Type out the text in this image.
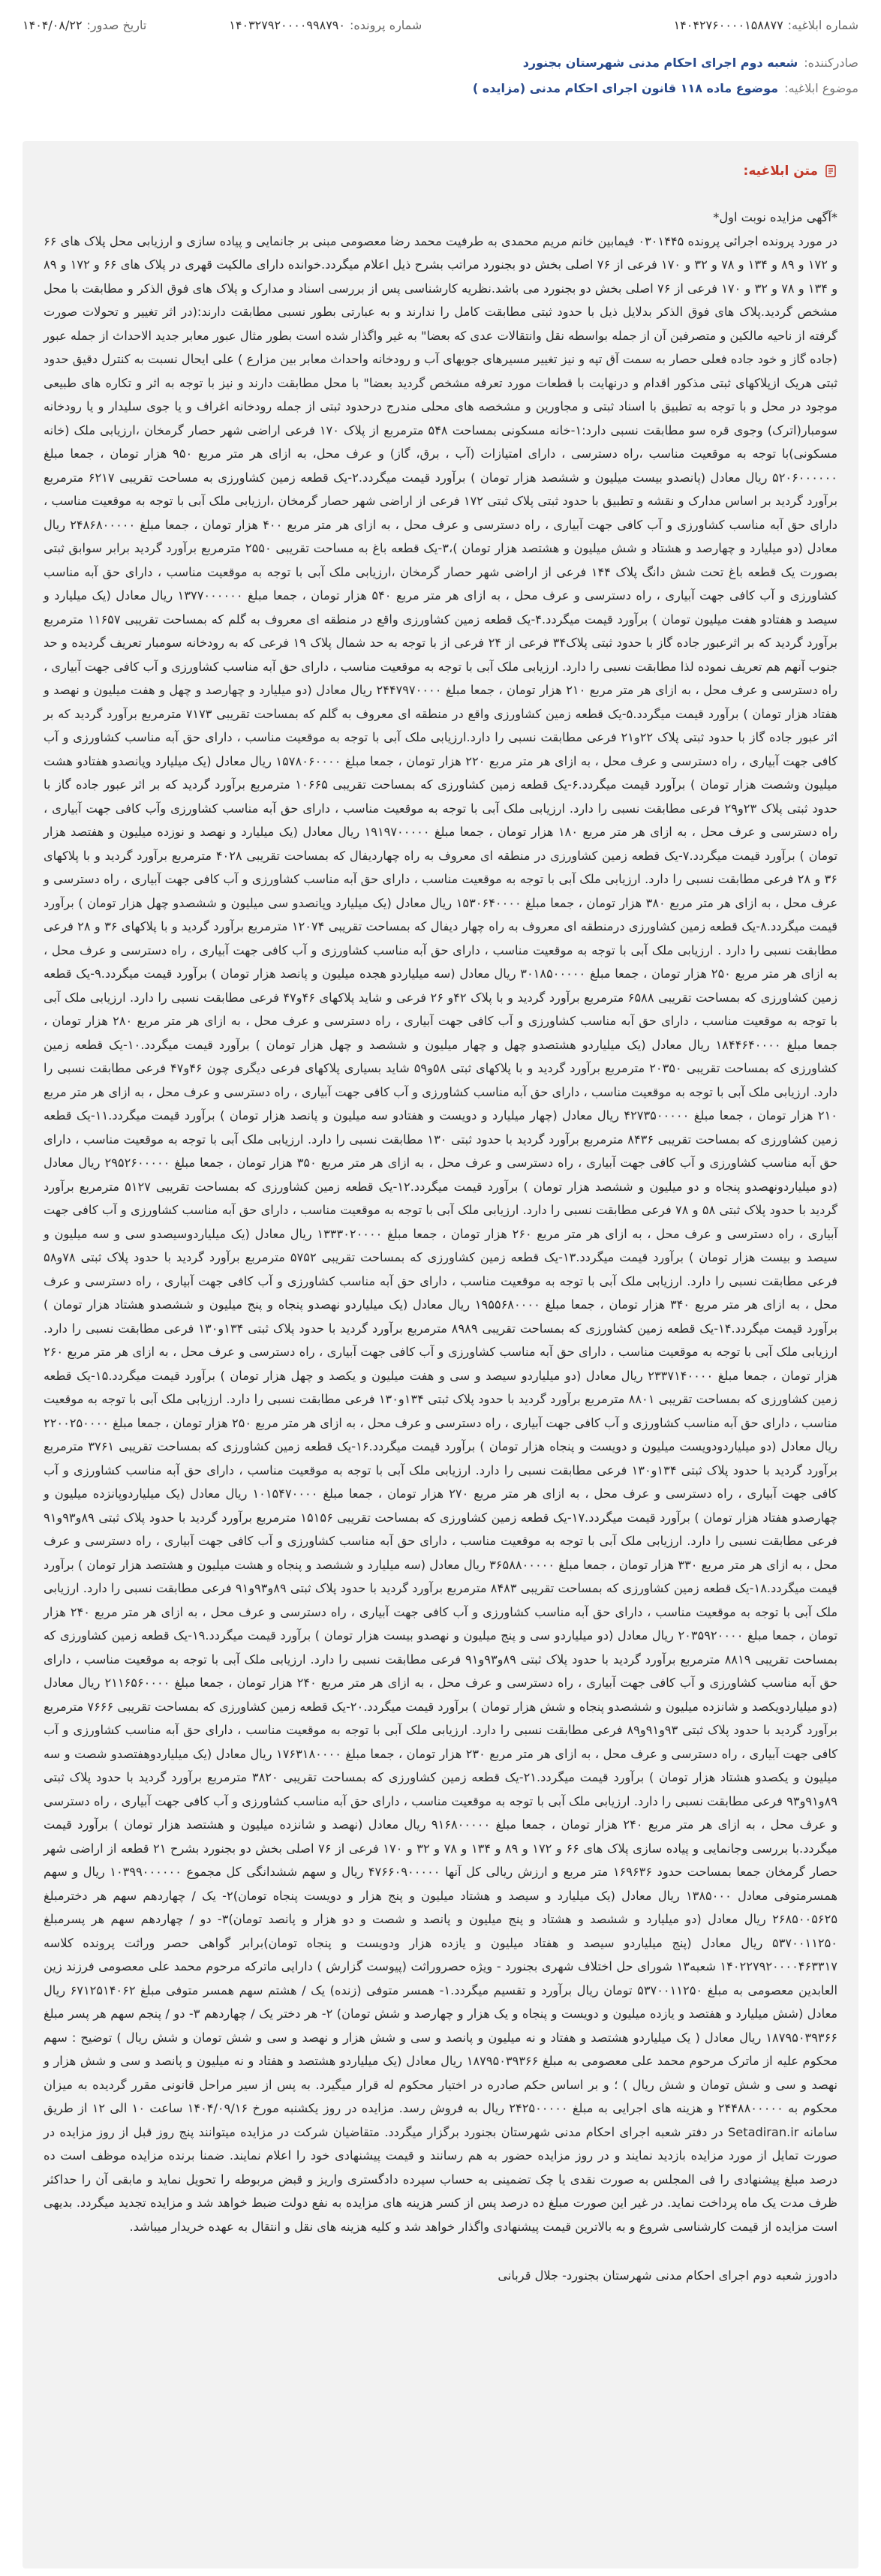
شماره ابلاغیه:
۱۴۰۴۲۷۶۰۰۰۰۱۵۸۸۷۷
شماره پرونده:
۱۴۰۳۲۷۹۲۰۰۰۰۹۹۸۷۹۰
تاریخ صدور:
۱۴۰۴/۰۸/۲۲
صادرکننده:
شعبه دوم اجرای احکام مدنی شهرستان بجنورد
موضوع ابلاغیه:
موضوع ماده ۱۱۸ قانون اجرای احکام مدنی (مزایده )
متن ابلاغیه:
*آگهی مزایده نوبت اول*
در مورد پرونده اجرائی پرونده ۰۳۰۱۴۴۵ فیمابین خانم مریم محمدی به طرفیت محمد رضا معصومی مبنی بر جانمایی و پیاده سازی و ارزیابی محل پلاک های ۶۶ و ۱۷۲ و ۸۹ و ۱۳۴ و ۷۸ و ۳۲ و ۱۷۰ فرعی از ۷۶ اصلی بخش دو بجنورد مراتب بشرح ذیل اعلام میگردد.خوانده دارای مالکیت قهری در پلاک های ۶۶ و ۱۷۲ و ۸۹ و ۱۳۴ و ۷۸ و ۳۲ و ۱۷۰ فرعی از ۷۶ اصلی بخش دو بجنورد می باشد.نظریه کارشناسی پس از بررسی اسناد و مدارک و پلاک های فوق الذکر و مطابقت با محل مشخص گردید.پلاک های فوق الذکر بدلایل ذیل با حدود ثبتی مطابقت کامل را ندارند و به عبارتی بطور نسبی مطابقت دارند:(در اثر تغییر و تحولات صورت گرفته از ناحیه مالکین و متصرفین آن از جمله بواسطه نقل وانتقالات عدی که بعضا" به غیر واگذار شده است بطور مثال عبور معابر جدید الاحداث از جمله عبور (جاده گاز و خود جاده فعلی حصار به سمت آق تپه و نیز تغییر مسیرهای جویهای آب و رودخانه واحداث معابر بین مزارع ) علی ایحال نسبت به کنترل دقیق حدود ثبتی هریک ازپلاکهای ثبتی مذکور اقدام و درنهایت با قطعات مورد تعرفه مشخص گردید بعضا" با محل مطابقت دارند و نیز با توجه به اثر و تکاره های طبیعی موجود در محل و با توجه به تطبیق با اسناد ثبتی و مجاورین و مشخصه های محلی مندرج درحدود ثبتی از جمله رودخانه اغراف و یا جوی سلیدار و یا رودخانه سومبار(اترک) وجوی قره سو مطابقت نسبی دارد:۱-خانه مسکونی بمساحت ۵۴۸ مترمربع از پلاک ۱۷۰ فرعی اراضی شهر حصار گرمخان ،ارزیابی ملک (خانه مسکونی)با توجه به موقعیت مناسب ،راه دسترسی ، دارای امتیازات (آب ، برق، گاز) و عرف محل، به ازای هر متر مربع ۹۵۰ هزار تومان ، جمعا مبلغ ۵۲۰۶۰۰۰۰۰۰ ریال معادل (پانصدو بیست میلیون و ششصد هزار تومان ) برآورد قیمت میگردد.۲-یک قطعه زمین کشاورزی به مساحت تقریبی ۶۲۱۷ مترمربع برآورد گردید بر اساس مدارک و نقشه و تطبیق با حدود ثبتی پلاک ثبتی ۱۷۲ فرعی از اراضی شهر حصار گرمخان ،ارزیابی ملک آبی با توجه به موقعیت مناسب ، دارای حق آبه مناسب کشاورزی و آب کافی جهت آبیاری ، راه دسترسی و عرف محل ، به ازای هر متر مربع ۴۰۰ هزار تومان ، جمعا مبلغ ۲۴۸۶۸۰۰۰۰۰ ریال معادل (دو میلیارد و چهارصد و هشتاد و شش میلیون و هشتصد هزار تومان )،۳-یک قطعه باغ به مساحت تقریبی ۲۵۵۰ مترمربع برآورد گردید برابر سوابق ثبتی بصورت یک قطعه باغ تحت شش دانگ پلاک ۱۴۴ فرعی از اراضی شهر حصار گرمخان ،ارزیابی ملک آبی با توجه به موقعیت مناسب ، دارای حق آبه مناسب کشاورزی و آب کافی جهت آبیاری ، راه دسترسی و عرف محل ، به ازای هر متر مربع ۵۴۰ هزار تومان ، جمعا مبلغ ۱۳۷۷۰۰۰۰۰۰ ریال معادل (یک میلیارد و سیصد و هفتادو هفت میلیون تومان ) برآورد قیمت میگردد.۴-یک قطعه زمین کشاورزی واقع در منطقه ای معروف به گلم که بمساحت تقریبی ۱۱۶۵۷ مترمربع برآورد گردید که بر اثرعبور جاده گاز با حدود ثبتی پلاک۳۴ فرعی از ۲۴ فرعی از با توجه به حد شمال پلاک ۱۹ فرعی که به رودخانه سومبار تعریف گردیده و حد جنوب آنهم هم تعریف نموده لذا مطابقت نسبی را دارد. ارزیابی ملک آبی با توجه به موقعیت مناسب ، دارای حق آبه مناسب کشاورزی و آب کافی جهت آبیاری ، راه دسترسی و عرف محل ، به ازای هر متر مربع ۲۱۰ هزار تومان ، جمعا مبلغ ۲۴۴۷۹۷۰۰۰۰ ریال معادل (دو میلیارد و چهارصد و چهل و هفت میلیون و نهصد و هفتاد هزار تومان ) برآورد قیمت میگردد.۵-یک قطعه زمین کشاورزی واقع در منطقه ای معروف به گلم که بمساحت تقریبی ۷۱۷۳ مترمربع برآورد گردید که بر اثر عبور جاده گاز با حدود ثبتی پلاک ۲۲و۲۱ فرعی مطابقت نسبی را دارد.ارزیابی ملک آبی با توجه به موقعیت مناسب ، دارای حق آبه مناسب کشاورزی و آب کافی جهت آبیاری ، راه دسترسی و عرف محل ، به ازای هر متر مربع ۲۲۰ هزار تومان ، جمعا مبلغ ۱۵۷۸۰۶۰۰۰۰ ریال معادل (یک میلیارد وپانصدو هفتادو هشت میلیون وشصت هزار تومان ) برآورد قیمت میگردد.۶-یک قطعه زمین کشاورزی که بمساحت تقریبی ۱۰۶۶۵ مترمربع برآورد گردید که بر اثر عبور جاده گاز با حدود ثبتی پلاک ۲۳و۲۹ فرعی مطابقت نسبی را دارد. ارزیابی ملک آبی با توجه به موقعیت مناسب ، دارای حق آبه مناسب کشاورزی وآب کافی جهت آبیاری ، راه دسترسی و عرف محل ، به ازای هر متر مربع ۱۸۰ هزار تومان ، جمعا مبلغ ۱۹۱۹۷۰۰۰۰۰ ریال معادل (یک میلیارد و نهصد و نوزده میلیون و هفتصد هزار تومان ) برآورد قیمت میگردد.۷-یک قطعه زمین کشاورزی در منطقه ای معروف به راه چهاردیفال که بمساحت تقریبی ۴۰۲۸ مترمربع برآورد گردید و با پلاکهای ۳۶ و ۲۸ فرعی مطابقت نسبی را دارد. ارزیابی ملک آبی با توجه به موقعیت مناسب ، دارای حق آبه مناسب کشاورزی و آب کافی جهت آبیاری ، راه دسترسی و عرف محل ، به ازای هر متر مربع ۳۸۰ هزار تومان ، جمعا مبلغ ۱۵۳۰۶۴۰۰۰۰ ریال معادل (یک میلیارد وپانصدو سی میلیون و ششصدو چهل هزار تومان ) برآورد قیمت میگردد.۸-یک قطعه زمین کشاورزی درمنطقه ای معروف به راه چهار دیفال که بمساحت تقریبی ۱۲۰۷۴ مترمربع برآورد گردید و با پلاکهای ۳۶ و ۲۸ فرعی مطابقت نسبی را دارد . ارزیابی ملک آبی با توجه به موقعیت مناسب ، دارای حق آبه مناسب کشاورزی و آب کافی جهت آبیاری ، راه دسترسی و عرف محل ، به ازای هر متر مربع ۲۵۰ هزار تومان ، جمعا مبلغ ۳۰۱۸۵۰۰۰۰۰ ریال معادل (سه میلیاردو هجده میلیون و پانصد هزار تومان ) برآورد قیمت میگردد.۹-یک قطعه زمین کشاورزی که بمساحت تقریبی ۶۵۸۸ مترمربع برآورد گردید و با پلاک ۴۲و ۲۶ فرعی و شاید پلاکهای ۴۶و۴۷ فرعی مطابقت نسبی را دارد. ارزیابی ملک آبی با توجه به موقعیت مناسب ، دارای حق آبه مناسب کشاورزی و آب کافی جهت آبیاری ، راه دسترسی و عرف محل ، به ازای هر متر مربع ۲۸۰ هزار تومان ، جمعا مبلغ ۱۸۴۴۶۴۰۰۰۰ ریال معادل (یک میلیاردو هشتصدو چهل و چهار میلیون و ششصد و چهل هزار تومان ) برآورد قیمت میگردد.۱۰-یک قطعه زمین کشاورزی که بمساحت تقریبی ۲۰۳۵۰ مترمربع برآورد گردید و با پلاکهای ثبتی ۵۸و۵۹ شاید بسیاری پلاکهای فرعی دیگری چون ۴۶و۴۷ فرعی مطابقت نسبی را دارد. ارزیابی ملک آبی با توجه به موقعیت مناسب ، دارای حق آبه مناسب کشاورزی و آب کافی جهت آبیاری ، راه دسترسی و عرف محل ، به ازای هر متر مربع ۲۱۰ هزار تومان ، جمعا مبلغ ۴۲۷۳۵۰۰۰۰۰ ریال معادل (چهار میلیارد و دویست و هفتادو سه میلیون و پانصد هزار تومان ) برآورد قیمت میگردد.۱۱-یک قطعه زمین کشاورزی که بمساحت تقریبی ۸۴۳۶ مترمربع برآورد گردید با حدود ثبتی ۱۳۰ مطابقت نسبی را دارد. ارزیابی ملک آبی با توجه به موقعیت مناسب ، دارای حق آبه مناسب کشاورزی و آب کافی جهت آبیاری ، راه دسترسی و عرف محل ، به ازای هر متر مربع ۳۵۰ هزار تومان ، جمعا مبلغ ۲۹۵۲۶۰۰۰۰۰ ریال معادل (دو میلیاردونهصدو پنجاه و دو میلیون و ششصد هزار تومان ) برآورد قیمت میگردد.۱۲-یک قطعه زمین کشاورزی که بمساحت تقریبی ۵۱۲۷ مترمربع برآورد گردید با حدود پلاک ثبتی ۵۸ و ۷۸ فرعی مطابقت نسبی را دارد. ارزیابی ملک آبی با توجه به موقعیت مناسب ، دارای حق آبه مناسب کشاورزی و آب کافی جهت آبیاری ، راه دسترسی و عرف محل ، به ازای هر متر مربع ۲۶۰ هزار تومان ، جمعا مبلغ ۱۳۳۳۰۲۰۰۰۰ ریال معادل (یک میلیاردوسیصدو سی و سه میلیون و سیصد و بیست هزار تومان ) برآورد قیمت میگردد.۱۳-یک قطعه زمین کشاورزی که بمساحت تقریبی ۵۷۵۲ مترمربع برآورد گردید با حدود پلاک ثبتی ۷۸و۵۸ فرعی مطابقت نسبی را دارد. ارزیابی ملک آبی با توجه به موقعیت مناسب ، دارای حق آبه مناسب کشاورزی و آب کافی جهت آبیاری ، راه دسترسی و عرف محل ، به ازای هر متر مربع ۳۴۰ هزار تومان ، جمعا مبلغ ۱۹۵۵۶۸۰۰۰۰ ریال معادل (یک میلیاردو نهصدو پنجاه و پنج میلیون و ششصدو هشتاد هزار تومان ) برآورد قیمت میگردد.۱۴-یک قطعه زمین کشاورزی که بمساحت تقریبی ۸۹۸۹ مترمربع برآورد گردید با حدود پلاک ثبتی ۱۳۴و۱۳۰ فرعی مطابقت نسبی را دارد. ارزیابی ملک آبی با توجه به موقعیت مناسب ، دارای حق آبه مناسب کشاورزی و آب کافی جهت آبیاری ، راه دسترسی و عرف محل ، به ازای هر متر مربع ۲۶۰ هزار تومان ، جمعا مبلغ ۲۳۳۷۱۴۰۰۰۰ ریال معادل (دو میلیاردو سیصد و سی و هفت میلیون و یکصد و چهل هزار تومان ) برآورد قیمت میگردد.۱۵-یک قطعه زمین کشاورزی که بمساحت تقریبی ۸۸۰۱ مترمربع برآورد گردید با حدود پلاک ثبتی ۱۳۴و۱۳۰ فرعی مطابقت نسبی را دارد. ارزیابی ملک آبی با توجه به موقعیت مناسب ، دارای حق آبه مناسب کشاورزی و آب کافی جهت آبیاری ، راه دسترسی و عرف محل ، به ازای هر متر مربع ۲۵۰ هزار تومان ، جمعا مبلغ ۲۲۰۰۲۵۰۰۰۰ ریال معادل (دو میلیاردودویست میلیون و دویست و پنجاه هزار تومان ) برآورد قیمت میگردد.۱۶-یک قطعه زمین کشاورزی که بمساحت تقریبی ۳۷۶۱ مترمربع برآورد گردید با حدود پلاک ثبتی ۱۳۴و۱۳۰ فرعی مطابقت نسبی را دارد. ارزیابی ملک آبی با توجه به موقعیت مناسب ، دارای حق آبه مناسب کشاورزی و آب کافی جهت آبیاری ، راه دسترسی و عرف محل ، به ازای هر متر مربع ۲۷۰ هزار تومان ، جمعا مبلغ ۱۰۱۵۴۷۰۰۰۰ ریال معادل (یک میلیاردوپانزده میلیون و چهارصدو هفتاد هزار تومان ) برآورد قیمت میگردد.۱۷-یک قطعه زمین کشاورزی که بمساحت تقریبی ۱۵۱۵۶ مترمربع برآورد گردید با حدود پلاک ثبتی ۸۹و۹۳و۹۱ فرعی مطابقت نسبی را دارد. ارزیابی ملک آبی با توجه به موقعیت مناسب ، دارای حق آبه مناسب کشاورزی و آب کافی جهت آبیاری ، راه دسترسی و عرف محل ، به ازای هر متر مربع ۳۳۰ هزار تومان ، جمعا مبلغ ۳۶۵۸۸۰۰۰۰۰ ریال معادل (سه میلیارد و ششصد و پنجاه و هشت میلیون و هشتصد هزار تومان ) برآورد قیمت میگردد.۱۸-یک قطعه زمین کشاورزی که بمساحت تقریبی ۸۴۸۳ مترمربع برآورد گردید با حدود پلاک ثبتی ۸۹و۹۳و۹۱ فرعی مطابقت نسبی را دارد. ارزیابی ملک آبی با توجه به موقعیت مناسب ، دارای حق آبه مناسب کشاورزی و آب کافی جهت آبیاری ، راه دسترسی و عرف محل ، به ازای هر متر مربع ۲۴۰ هزار تومان ، جمعا مبلغ ۲۰۳۵۹۲۰۰۰۰ ریال معادل (دو میلیاردو سی و پنج میلیون و نهصدو بیست هزار تومان ) برآورد قیمت میگردد.۱۹-یک قطعه زمین کشاورزی که بمساحت تقریبی ۸۸۱۹ مترمربع برآورد گردید با حدود پلاک ثبتی ۸۹و۹۳و۹۱ فرعی مطابقت نسبی را دارد. ارزیابی ملک آبی با توجه به موقعیت مناسب ، دارای حق آبه مناسب کشاورزی و آب کافی جهت آبیاری ، راه دسترسی و عرف محل ، به ازای هر متر مربع ۲۴۰ هزار تومان ، جمعا مبلغ ۲۱۱۶۵۶۰۰۰۰ ریال معادل (دو میلیاردویکصد و شانزده میلیون و ششصدو پنجاه و شش هزار تومان ) برآورد قیمت میگردد.۲۰-یک قطعه زمین کشاورزی که بمساحت تقریبی ۷۶۶۶ مترمربع برآورد گردید با حدود پلاک ثبتی ۹۳و۹۱و۸۹ فرعی مطابقت نسبی را دارد. ارزیابی ملک آبی با توجه به موقعیت مناسب ، دارای حق آبه مناسب کشاورزی و آب کافی جهت آبیاری ، راه دسترسی و عرف محل ، به ازای هر متر مربع ۲۳۰ هزار تومان ، جمعا مبلغ ۱۷۶۳۱۸۰۰۰۰ ریال معادل (یک میلیاردوهفتصدو شصت و سه میلیون و یکصدو هشتاد هزار تومان ) برآورد قیمت میگردد.۲۱-یک قطعه زمین کشاورزی که بمساحت تقریبی ۳۸۲۰ مترمربع برآورد گردید با حدود پلاک ثبتی ۸۹و۹۱و۹۳ فرعی مطابقت نسبی را دارد. ارزیابی ملک آبی با توجه به موقعیت مناسب ، دارای حق آبه مناسب کشاورزی و آب کافی جهت آبیاری ، راه دسترسی و عرف محل ، به ازای هر متر مربع ۲۴۰ هزار تومان ، جمعا مبلغ ۹۱۶۸۰۰۰۰۰ ریال معادل (نهصد و شانزده میلیون و هشتصد هزار تومان ) برآورد قیمت میگردد.با بررسی وجانمایی و پیاده سازی پلاک های ۶۶ و ۱۷۲ و ۸۹ و ۱۳۴ و ۷۸ و ۳۲ و ۱۷۰ فرعی از ۷۶ اصلی بخش دو بجنورد بشرح ۲۱ قطعه از اراضی شهر حصار گرمخان جمعا بمساحت حدود ۱۶۹۶۳۶ متر مربع و ارزش ریالی کل آنها ۴۷۶۶۰۹۰۰۰۰۰ ریال و سهم ششدانگی کل مجموع ۱۰۳۹۹۰۰۰۰۰۰ ریال و سهم همسرمتوفی معادل ۱۳۸۵۰۰۰ ریال معادل (یک میلیارد و سیصد و هشتاد میلیون و پنج هزار و دویست پنجاه تومان)۲- یک / چهاردهم سهم هر دخترمبلغ ۲۶۸۵۰۰۵۶۲۵ ریال معادل (دو میلیارد و ششصد و هشتاد و پنج میلیون و پانصد و شصت و دو هزار و پانصد تومان)۳- دو / چهاردهم سهم هر پسرمبلغ ۵۳۷۰۰۱۱۲۵۰ ریال معادل (پنج میلیاردو سیصد و هفتاد میلیون و یازده هزار ودویست و پنجاه تومان)برابر گواهی حصر وراثت پرونده کلاسه ۱۴۰۲۲۷۹۲۰۰۰۰۴۶۳۳۱۷ شعبه۱۳ شورای حل اختلاف شهری بجنورد - ویژه حصروراثت (پیوست گزارش ) دارایی ماترکه مرحوم محمد علی معصومی فرزند زین العابدین معصومی به مبلغ ۵۳۷۰۰۱۱۲۵۰ تومان ریال برآورد و تقسیم میگردد.۱- همسر متوفی (زنده) یک / هشتم سهم همسر متوفی مبلغ ۶۷۱۲۵۱۴۰۶۲ ریال معادل (شش میلیارد و هفتصد و یازده میلیون و دویست و پنجاه و یک هزار و چهارصد و شش تومان) ۲- هر دختر یک / چهاردهم ۳- دو / پنجم سهم هر پسر مبلغ ۱۸۷۹۵۰۳۹۳۶۶ ریال معادل ( یک میلیاردو هشتصد و هفتاد و نه میلیون و پانصد و سی و شش هزار و نهصد و سی و شش تومان و شش ریال ) توضیح : سهم محکوم علیه از ماترک مرحوم محمد علی معصومی به مبلغ ۱۸۷۹۵۰۳۹۳۶۶ ریال معادل (یک میلیاردو هشتصد و هفتاد و نه میلیون و پانصد و سی و شش هزار و نهصد و سی و شش تومان و شش ریال ) ؛ و بر اساس حکم صادره در اختیار محکوم له قرار میگیرد. به پس از سیر مراحل قانونی مقرر گردیده به میزان محکوم به ۲۴۴۸۸۰۰۰۰۰ و هزینه های اجرایی به مبلغ ۲۴۲۵۰۰۰۰۰ ریال به فروش رسد. مزایده در روز یکشنبه مورخ ۱۴۰۴/۰۹/۱۶ ساعت ۱۰ الی ۱۲ از طریق سامانه Setadiran.ir در دفتر شعبه اجرای احکام مدنی شهرستان بجنورد برگزار میگردد. متقاضیان شرکت در مزایده میتوانند پنج روز قبل از روز مزایده در صورت تمایل از مورد مزایده بازدید نمایند و در روز مزایده حضور به هم رسانند و قیمت پیشنهادی خود را اعلام نمایند. ضمنا برنده مزایده موظف است ده درصد مبلغ پیشنهادی را فی المجلس به صورت نقدی یا چک تضمینی به حساب سپرده دادگستری واریز و قبض مربوطه را تحویل نماید و مابقی آن را حداکثر ظرف مدت یک ماه پرداخت نماید. در غیر این صورت مبلغ ده درصد پس از کسر هزینه های مزایده به نفع دولت ضبط خواهد شد و مزایده تجدید میگردد. بدیهی است مزایده از قیمت کارشناسی شروع و به بالاترین قیمت پیشنهادی واگذار خواهد شد و کلیه هزینه های نقل و انتقال به عهده خریدار میباشد.
دادورز شعبه دوم اجرای احکام مدنی شهرستان بجنورد- جلال قربانی
